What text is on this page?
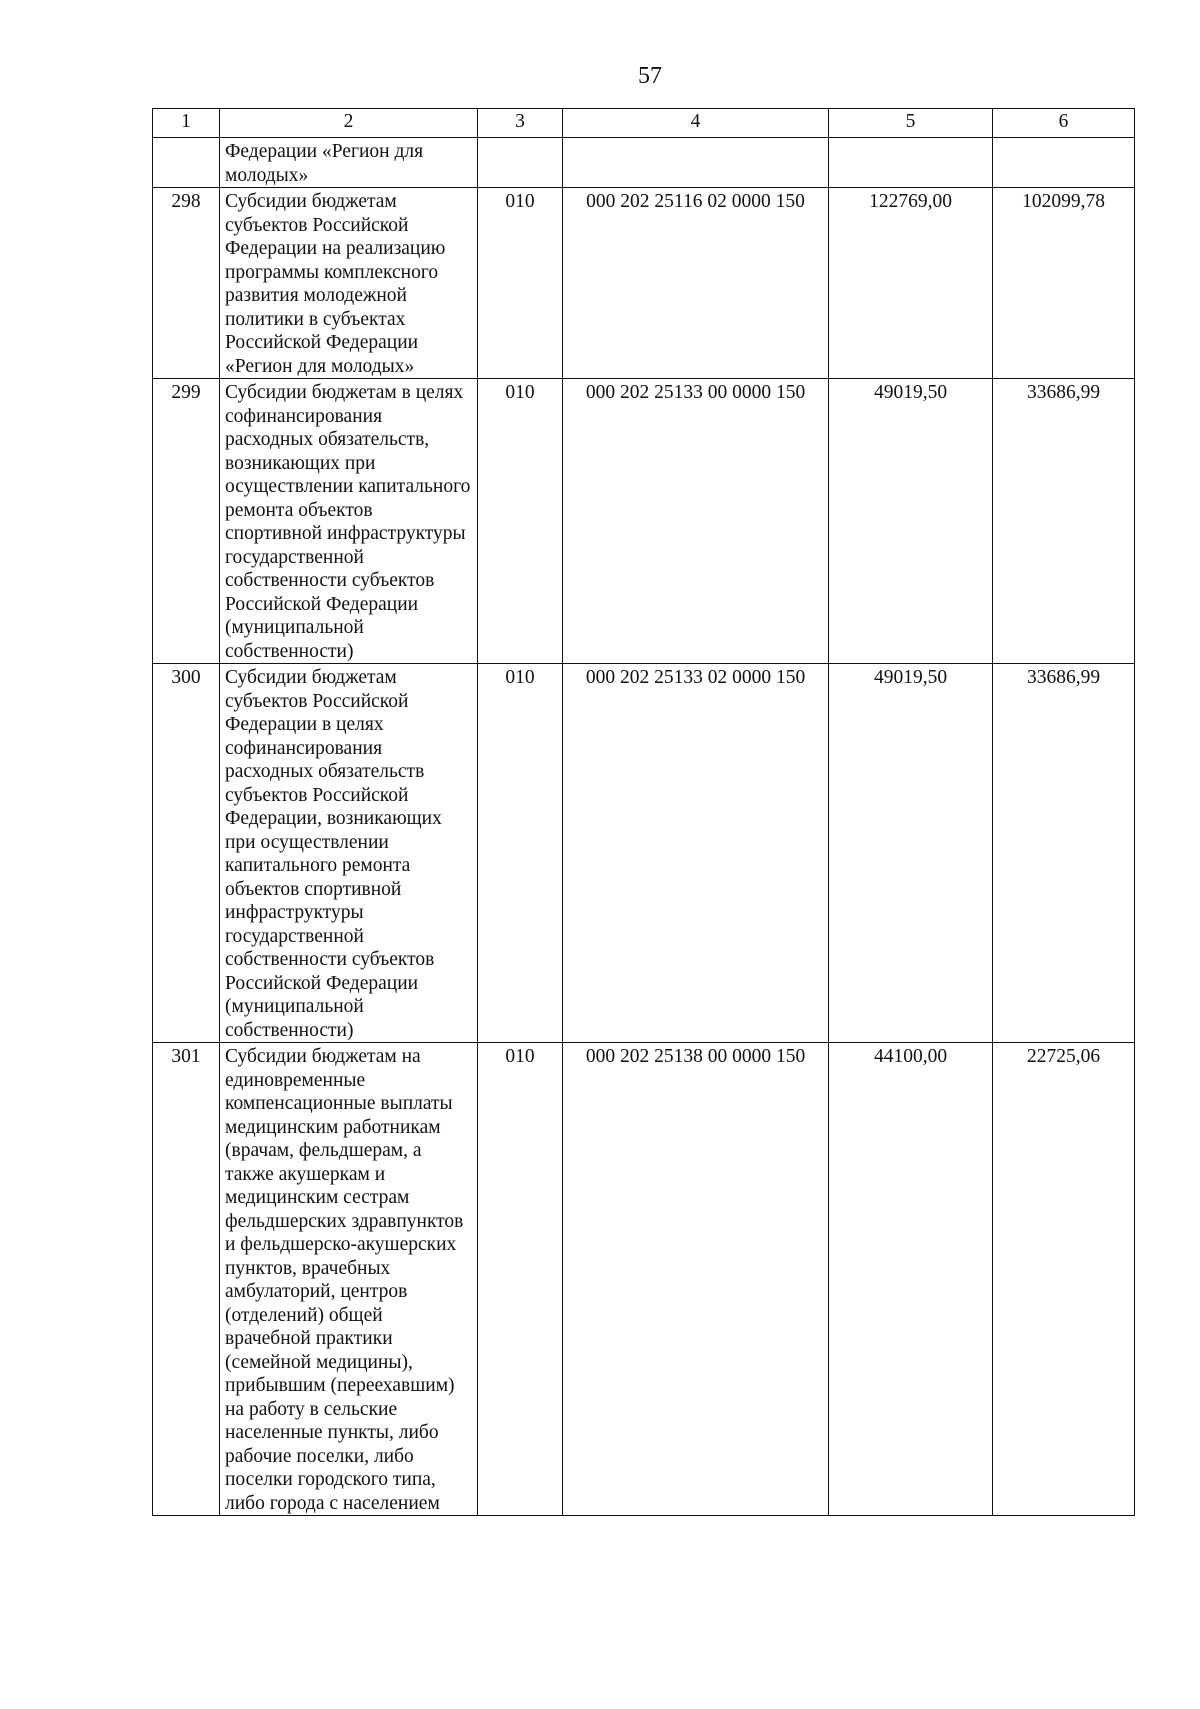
57
1	2	3	4	5	6
	Федерации «Регион для молодых»				
298	Субсидии бюджетам субъектов Российской Федерации на реализацию программы комплексного развития молодежной политики в субъектах Российской Федерации «Регион для молодых»	010	000 202 25116 02 0000 150	122769,00	102099,78
299	Субсидии бюджетам в целях софинансирования расходных обязательств, возникающих при осуществлении капитального ремонта объектов спортивной инфраструктуры государственной собственности субъектов Российской Федерации (муниципальной собственности)	010	000 202 25133 00 0000 150	49019,50	33686,99
300	Субсидии бюджетам субъектов Российской Федерации в целях софинансирования расходных обязательств субъектов Российской Федерации, возникающих при осуществлении капитального ремонта объектов спортивной инфраструктуры государственной собственности субъектов Российской Федерации (муниципальной собственности)	010	000 202 25133 02 0000 150	49019,50	33686,99
301	Субсидии бюджетам на единовременные компенсационные выплаты медицинским работникам (врачам, фельдшерам, а также акушеркам и медицинским сестрам фельдшерских здравпунктов и фельдшерско-акушерских пунктов, врачебных амбулаторий, центров (отделений) общей врачебной практики (семейной медицины), прибывшим (переехавшим) на работу в сельские населенные пункты, либо рабочие поселки, либо поселки городского типа, либо города с населением	010	000 202 25138 00 0000 150	44100,00	22725,06
